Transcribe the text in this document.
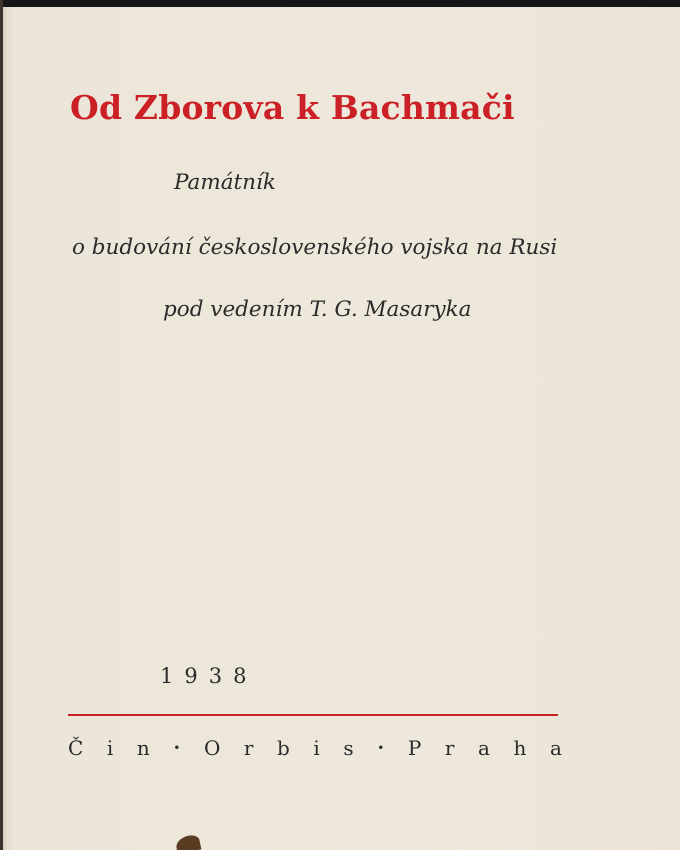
Od Zborova k Bachmači

Památník

o budování československého vojska na Rusi

pod vedením T. G. Masaryka

1938
Č i n • O r b i s • P r a h a
